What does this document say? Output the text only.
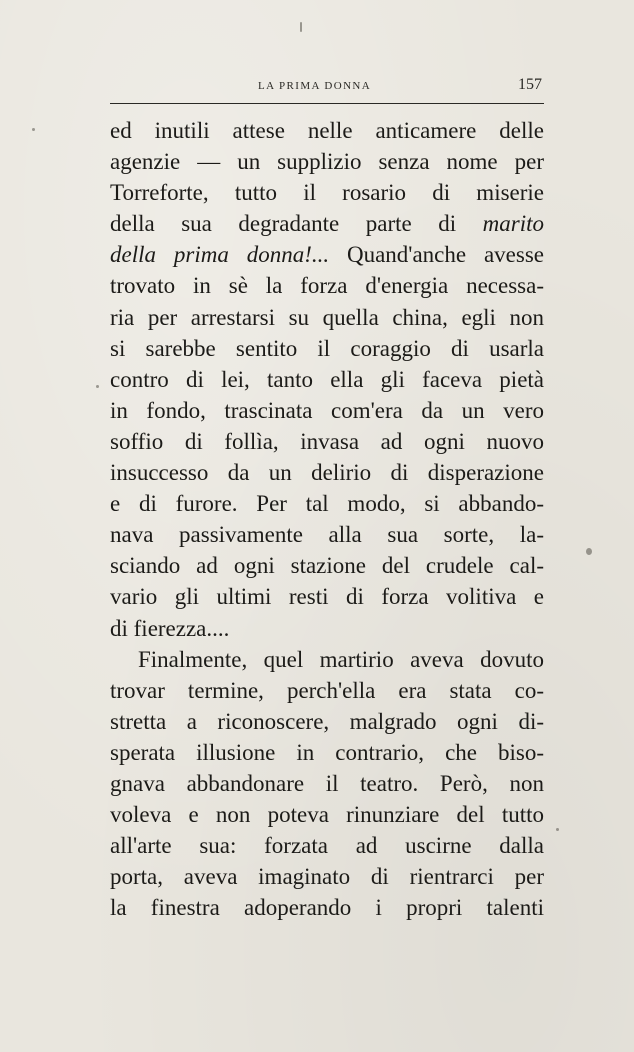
LA PRIMA DONNA	157
ed inutili attese nelle anticamere delle
agenzie — un supplizio senza nome per
Torreforte, tutto il rosario di miserie
della sua degradante parte di marito
della prima donna!... Quand'anche avesse
trovato in sè la forza d'energia necessa-
ria per arrestarsi su quella china, egli non
si sarebbe sentito il coraggio di usarla
contro di lei, tanto ella gli faceva pietà
in fondo, trascinata com'era da un vero
soffio di follìa, invasa ad ogni nuovo
insuccesso da un delirio di disperazione
e di furore. Per tal modo, si abbando-
nava passivamente alla sua sorte, la-
sciando ad ogni stazione del crudele cal-
vario gli ultimi resti di forza volitiva e
di fierezza....
Finalmente, quel martirio aveva dovuto
trovar termine, perch'ella era stata co-
stretta a riconoscere, malgrado ogni di-
sperata illusione in contrario, che biso-
gnava abbandonare il teatro. Però, non
voleva e non poteva rinunziare del tutto
all'arte sua: forzata ad uscirne dalla
porta, aveva imaginato di rientrarci per
la finestra adoperando i propri talenti
